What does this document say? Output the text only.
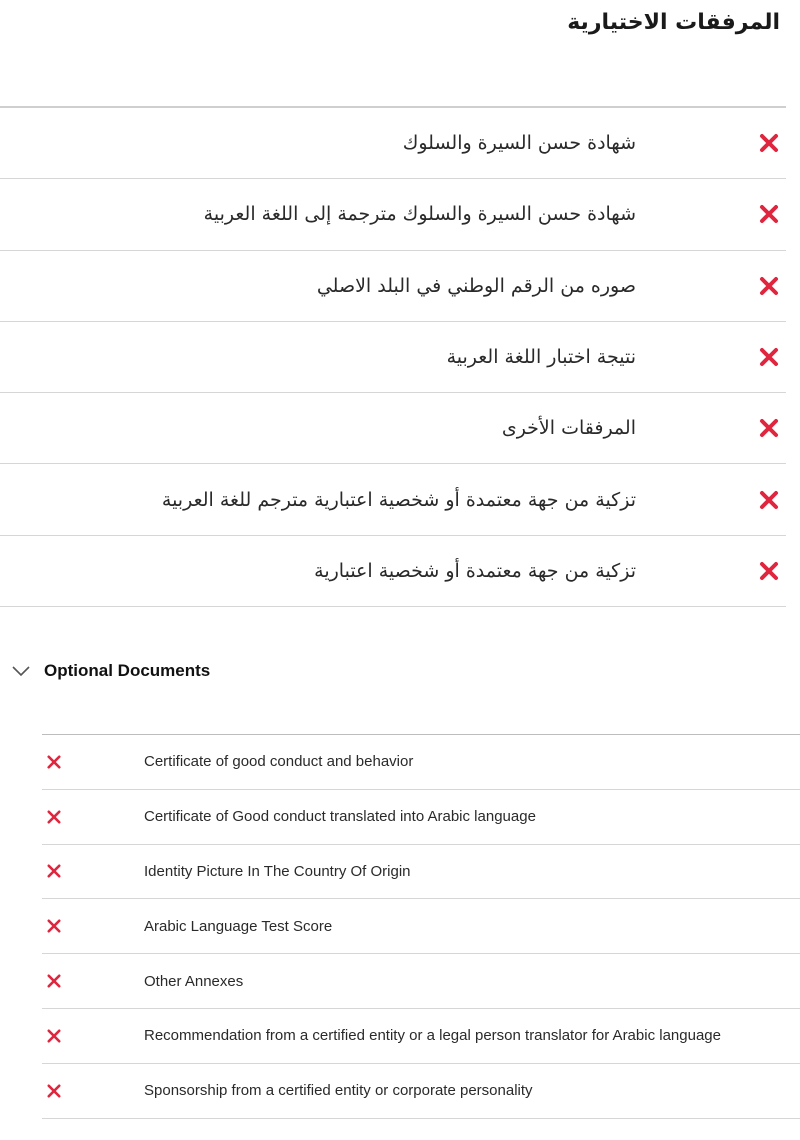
المرفقات الاختيارية
شهادة حسن السيرة والسلوك
شهادة حسن السيرة والسلوك مترجمة إلى اللغة العربية
صوره من الرقم الوطني في البلد الاصلي
نتيجة اختبار اللغة العربية
المرفقات الأخرى
تزكية من جهة معتمدة أو شخصية اعتبارية مترجم للغة العربية
تزكية من جهة معتمدة أو شخصية اعتبارية
Optional Documents
Certificate of good conduct and behavior
Certificate of Good conduct translated into Arabic language
Identity Picture In The Country Of Origin
Arabic Language Test Score
Other Annexes
Recommendation from a certified entity or a legal person translator for Arabic language
Sponsorship from a certified entity or corporate personality
